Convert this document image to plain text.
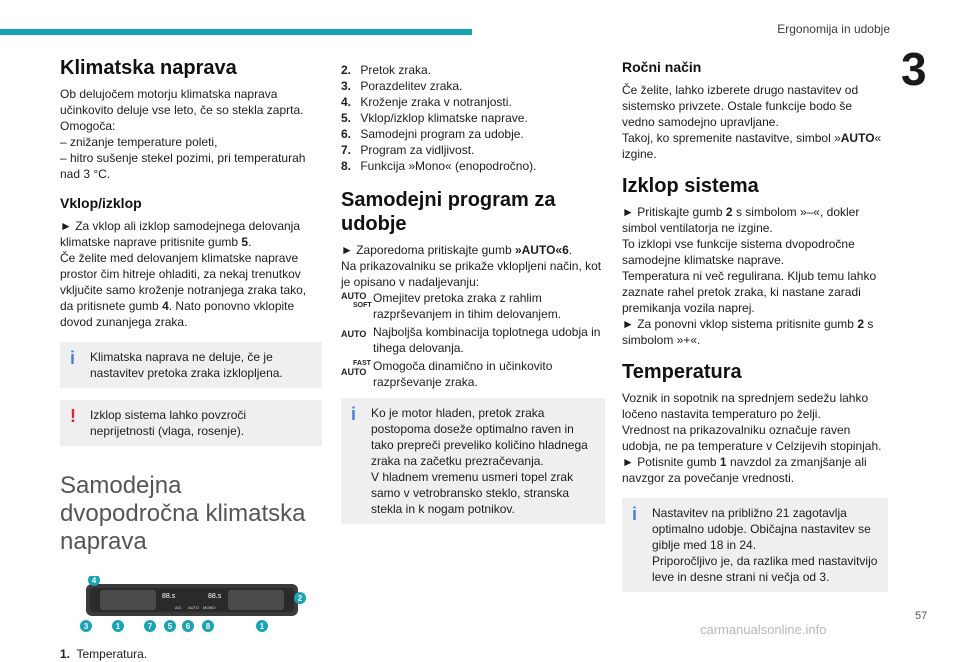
Ergonomija in udobje
3
57
carmanualsonline.info
Klimatska naprava

Ob delujočem motorju klimatska naprava učinkovito deluje vse leto, če so stekla zaprta.

Omogoča:

– znižanje temperature poleti,

– hitro sušenje stekel pozimi, pri temperaturah nad 3 °C.

Vklop/izklop

► Za vklop ali izklop samodejnega delovanja klimatske naprave pritisnite gumb 5.

Če želite med delovanjem klimatske naprave prostor čim hitreje ohladiti, za nekaj trenutkov vključite samo kroženje notranjega zraka tako, da pritisnete gumb 4. Nato ponovno vklopite dovod zunanjega zraka.

i	Klimatska naprava ne deluje, če je nastavitev pretoka zraka izklopljena.
!	Izklop sistema lahko povzroči neprijetnosti (vlaga, rosenje).
Samodejna dvopodročna klimatska naprava
88.s	88.s
A/C AUTO MONO
4
2
3	1	7 5 6 8	1

1. Temperatura.

2. Pretok zraka.
3. Porazdelitev zraka.
4. Kroženje zraka v notranjosti.
5. Vklop/izklop klimatske naprave.
6. Samodejni program za udobje.
7. Program za vidljivost.
8. Funkcija »Mono« (enopodročno).
Samodejni program za udobje

► Zaporedoma pritiskajte gumb »AUTO«6.

Na prikazovalniku se prikaže vklopljeni način, kot je opisano v nadaljevanju:

AUTO
SOFT
Omejitev pretoka zraka z rahlim razprševanjem in tihim delovanjem.
AUTO Najboljša kombinacija toplotnega udobja in tihega delovanja.
FAST
AUTO Omogoča dinamično in učinkovito razprševanje zraka.
i	Ko je motor hladen, pretok zraka postopoma doseže optimalno raven in tako prepreči preveliko količino hladnega zraka na začetku prezračevanja.
V hladnem vremenu usmeri topel zrak samo v vetrobransko steklo, stranska stekla in k nogam potnikov.
Ročni način

Če želite, lahko izberete drugo nastavitev od sistemsko privzete. Ostale funkcije bodo še vedno samodejno upravljane.

Takoj, ko spremenite nastavitve, simbol »AUTO« izgine.

Izklop sistema

► Pritiskajte gumb 2 s simbolom »–«, dokler simbol ventilatorja ne izgine.

To izklopi vse funkcije sistema dvopodročne samodejne klimatske naprave.

Temperatura ni več regulirana. Kljub temu lahko zaznate rahel pretok zraka, ki nastane zaradi premikanja vozila naprej.

► Za ponovni vklop sistema pritisnite gumb 2 s simbolom »+«.

Temperatura

Voznik in sopotnik na sprednjem sedežu lahko ločeno nastavita temperaturo po želji.

Vrednost na prikazovalniku označuje raven udobja, ne pa temperature v Celzijevih stopinjah.

► Potisnite gumb 1 navzdol za zmanjšanje ali navzgor za povečanje vrednosti.

i	Nastavitev na približno 21 zagotavlja optimalno udobje. Običajna nastavitev se giblje med 18 in 24.
Priporočljivo je, da razlika med nastavitvijo leve in desne strani ni večja od 3.
